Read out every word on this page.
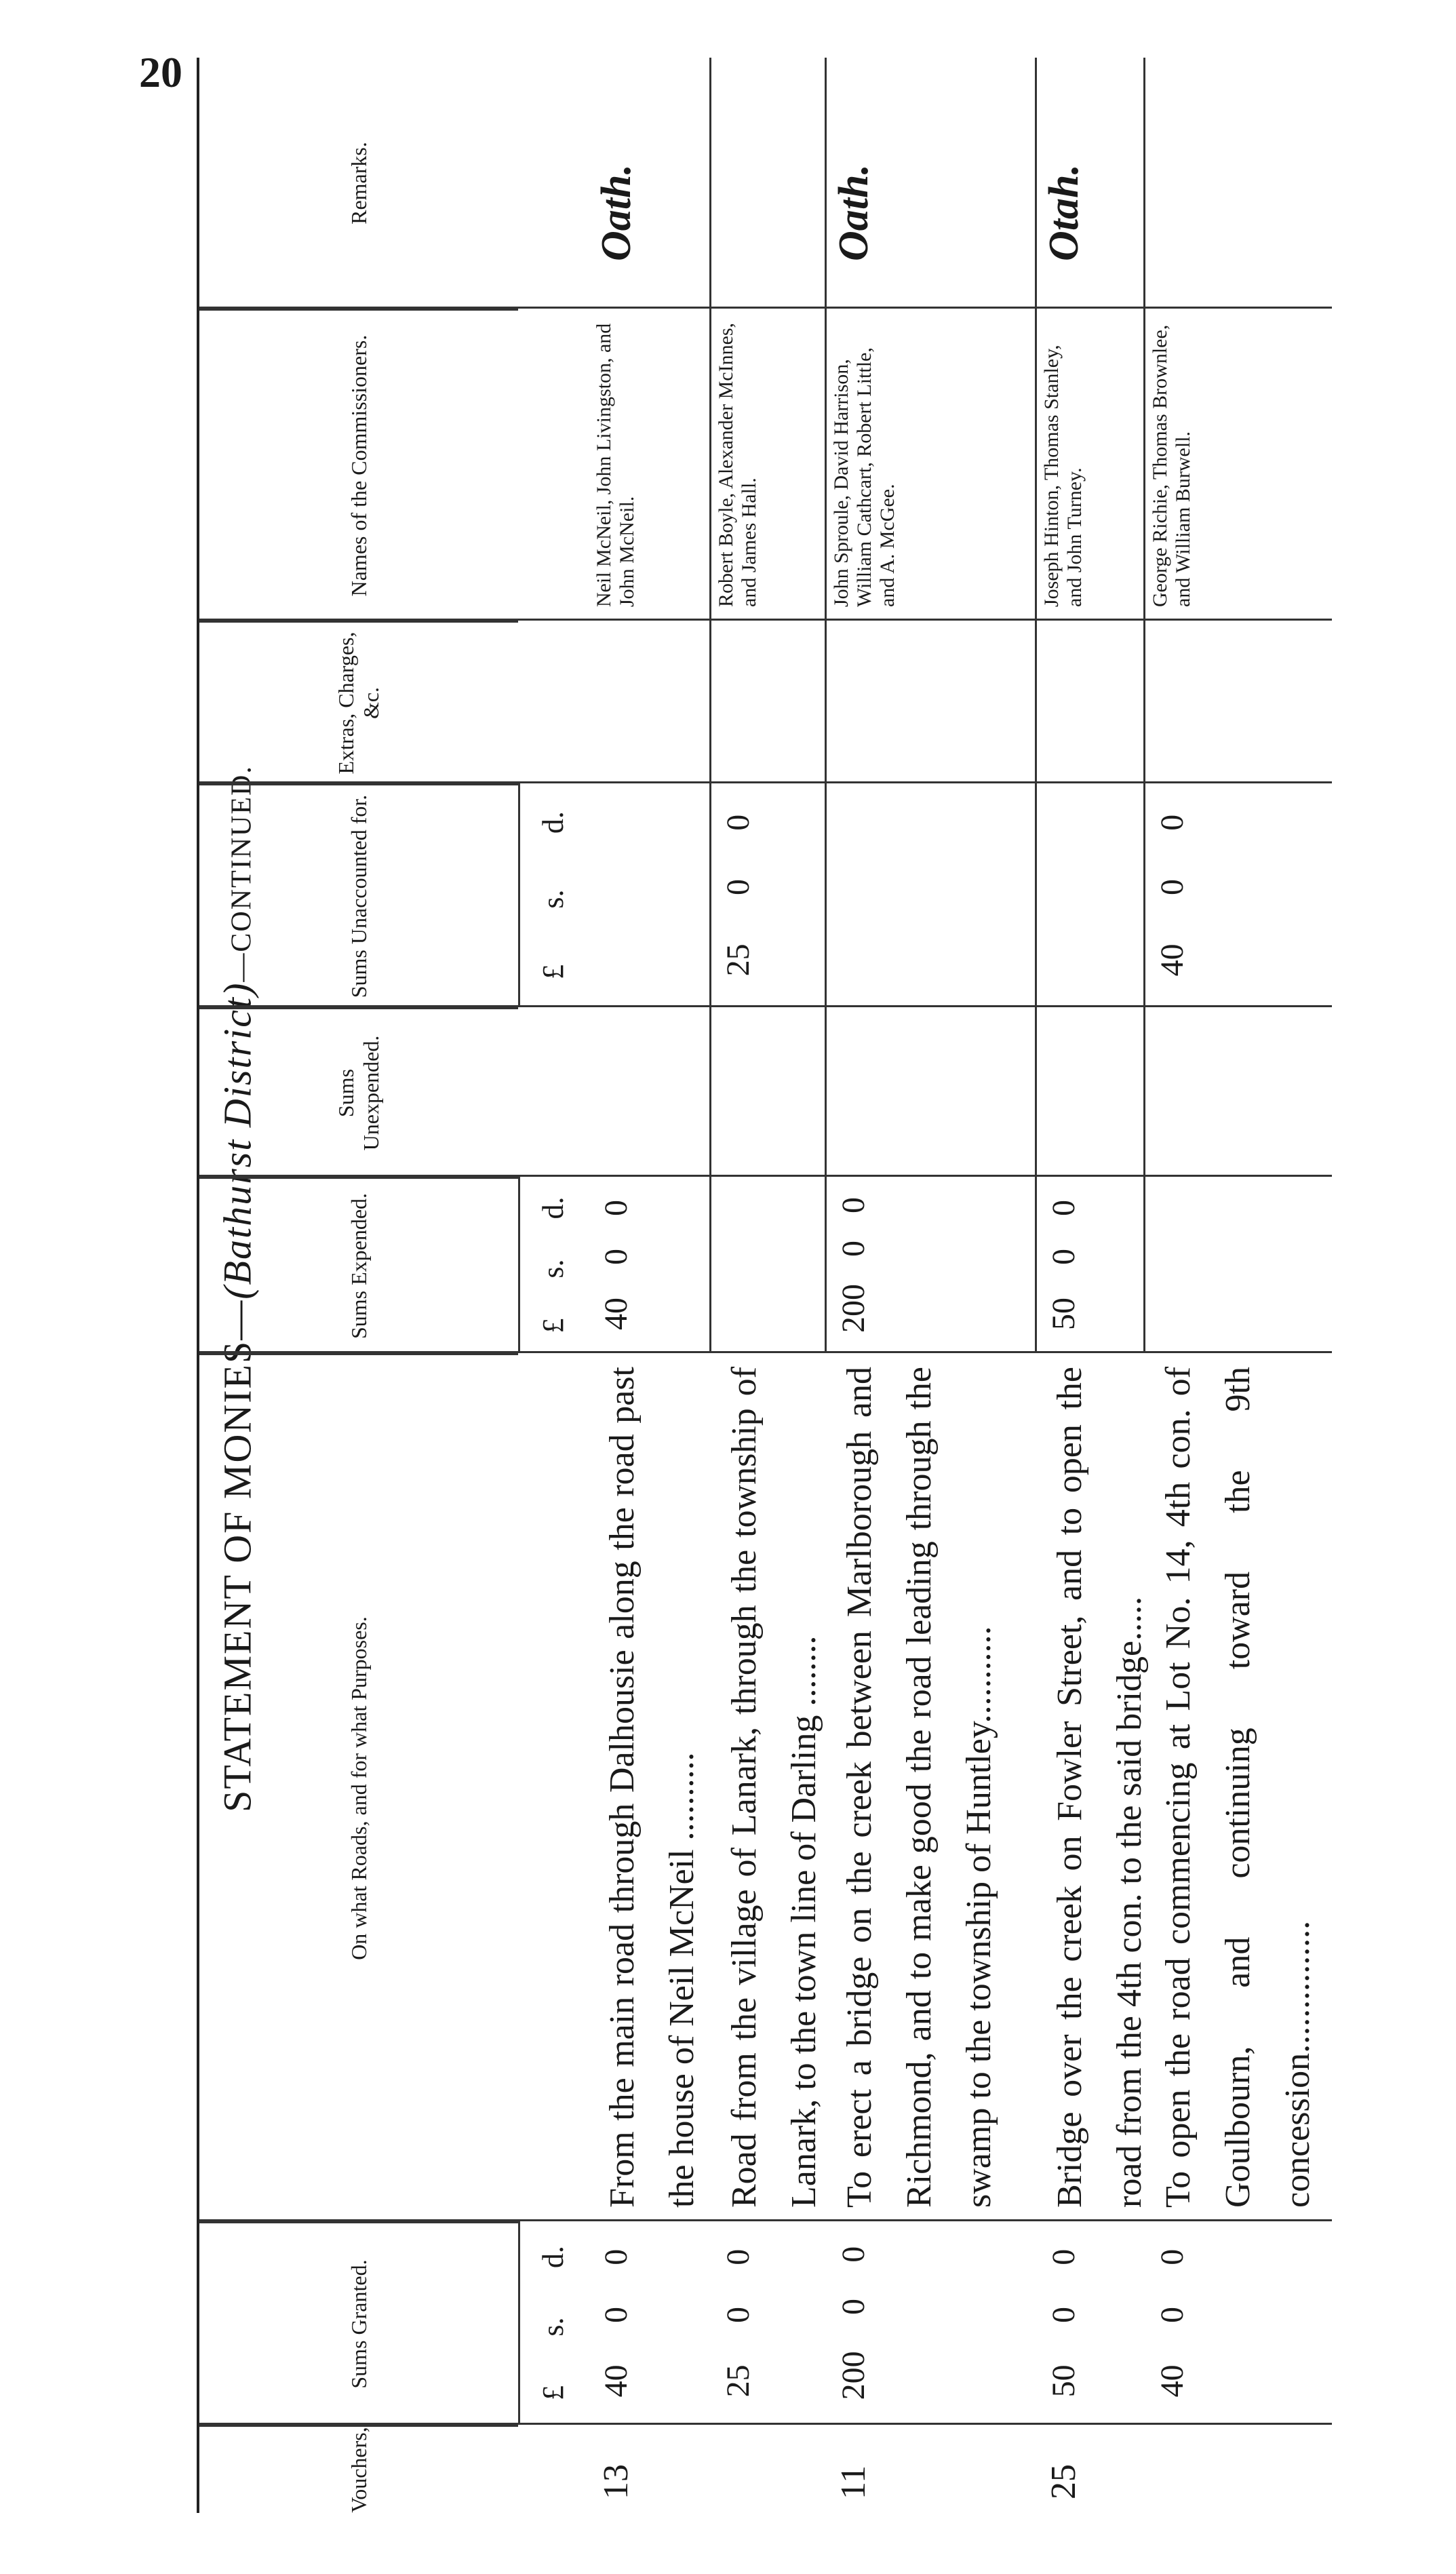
20
STATEMENT OF MONIES—(Bathurst District)—CONTINUED.
Vouchers,
Sums Granted.
On what Roads, and for what Purposes.
Sums Expended.
Sums Unexpended.
Sums Unaccounted for.
Extras, Charges, &c.
Names of the Commissioners.
Remarks.
£
s.
d.
£
s.
d.
£
s.
d.
13
40
0
0
From the main road through Dalhousie along the road past the house of Neil McNeil ..........
40
0
0
Neil McNeil, John Livingston, and John McNeil.
Oath.
25
0
0
Road from the village of Lanark, through the township of Lanark, to the town line of Darling ........
25
0
0
Robert Boyle, Alexander McInnes, and James Hall.
11
200
0
0
To erect a bridge on the creek between Marlborough and Richmond, and to make good the road leading through the swamp to the township of Huntley...........
200
0
0
John Sproule, David Harrison, William Cathcart, Robert Little, and A. McGee.
Oath.
25
50
0
0
Bridge over the creek on Fowler Street, and to open the road from the 4th con. to the said bridge.....
50
0
0
Joseph Hinton, Thomas Stanley, and John Turney.
Otah.
40
0
0
To open the road commencing at Lot No. 14, 4th con. of Goulbourn, and continuing toward the 9th concession...............
40
0
0
George Richie, Thomas Brownlee, and William Burwell.
